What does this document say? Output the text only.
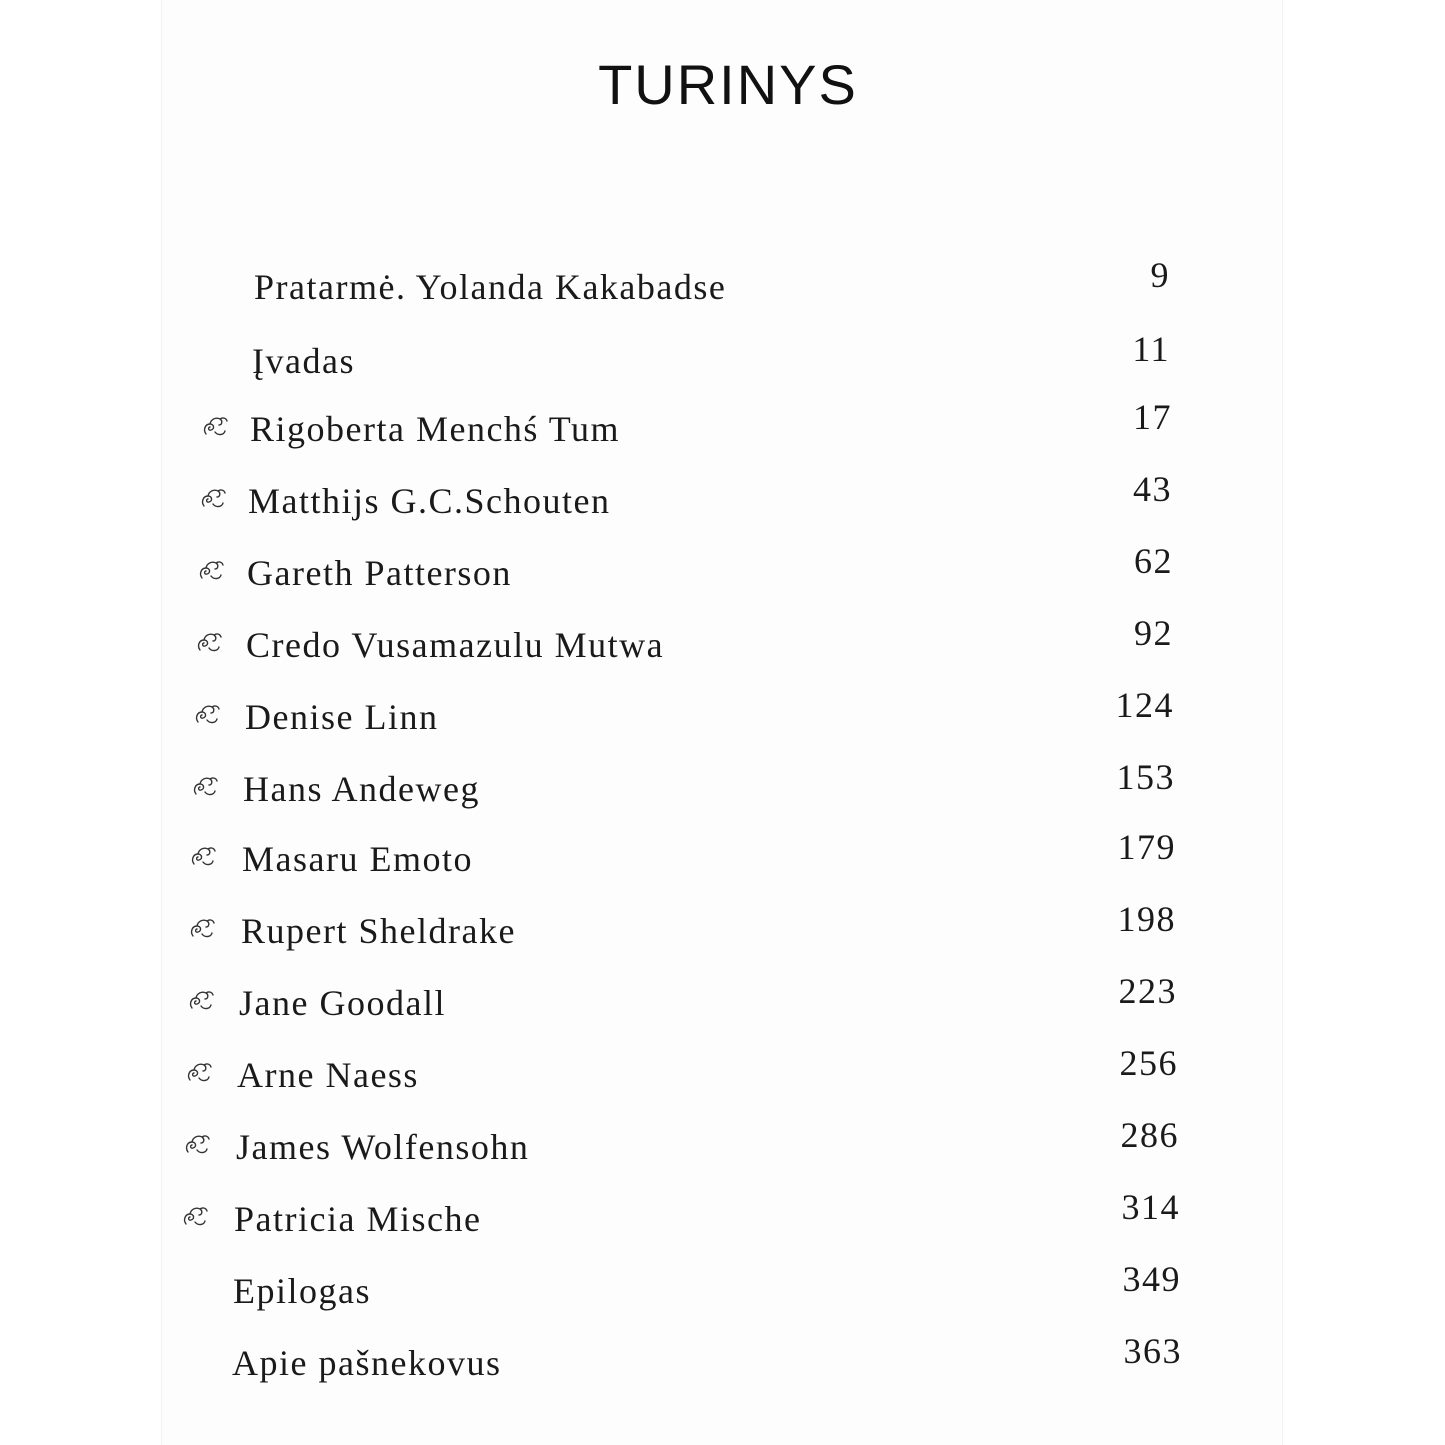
TURINYS
Pratarmė. Yolanda Kakabadse	9
Įvadas	11
Rigoberta Menchś Tum	17
Matthijs G.C.Schouten	43
Gareth Patterson	62
Credo Vusamazulu Mutwa	92
Denise Linn	124
Hans Andeweg	153
Masaru Emoto	179
Rupert Sheldrake	198
Jane Goodall	223
Arne Naess	256
James Wolfensohn	286
Patricia Mische	314
Epilogas	349
Apie pašnekovus	363
